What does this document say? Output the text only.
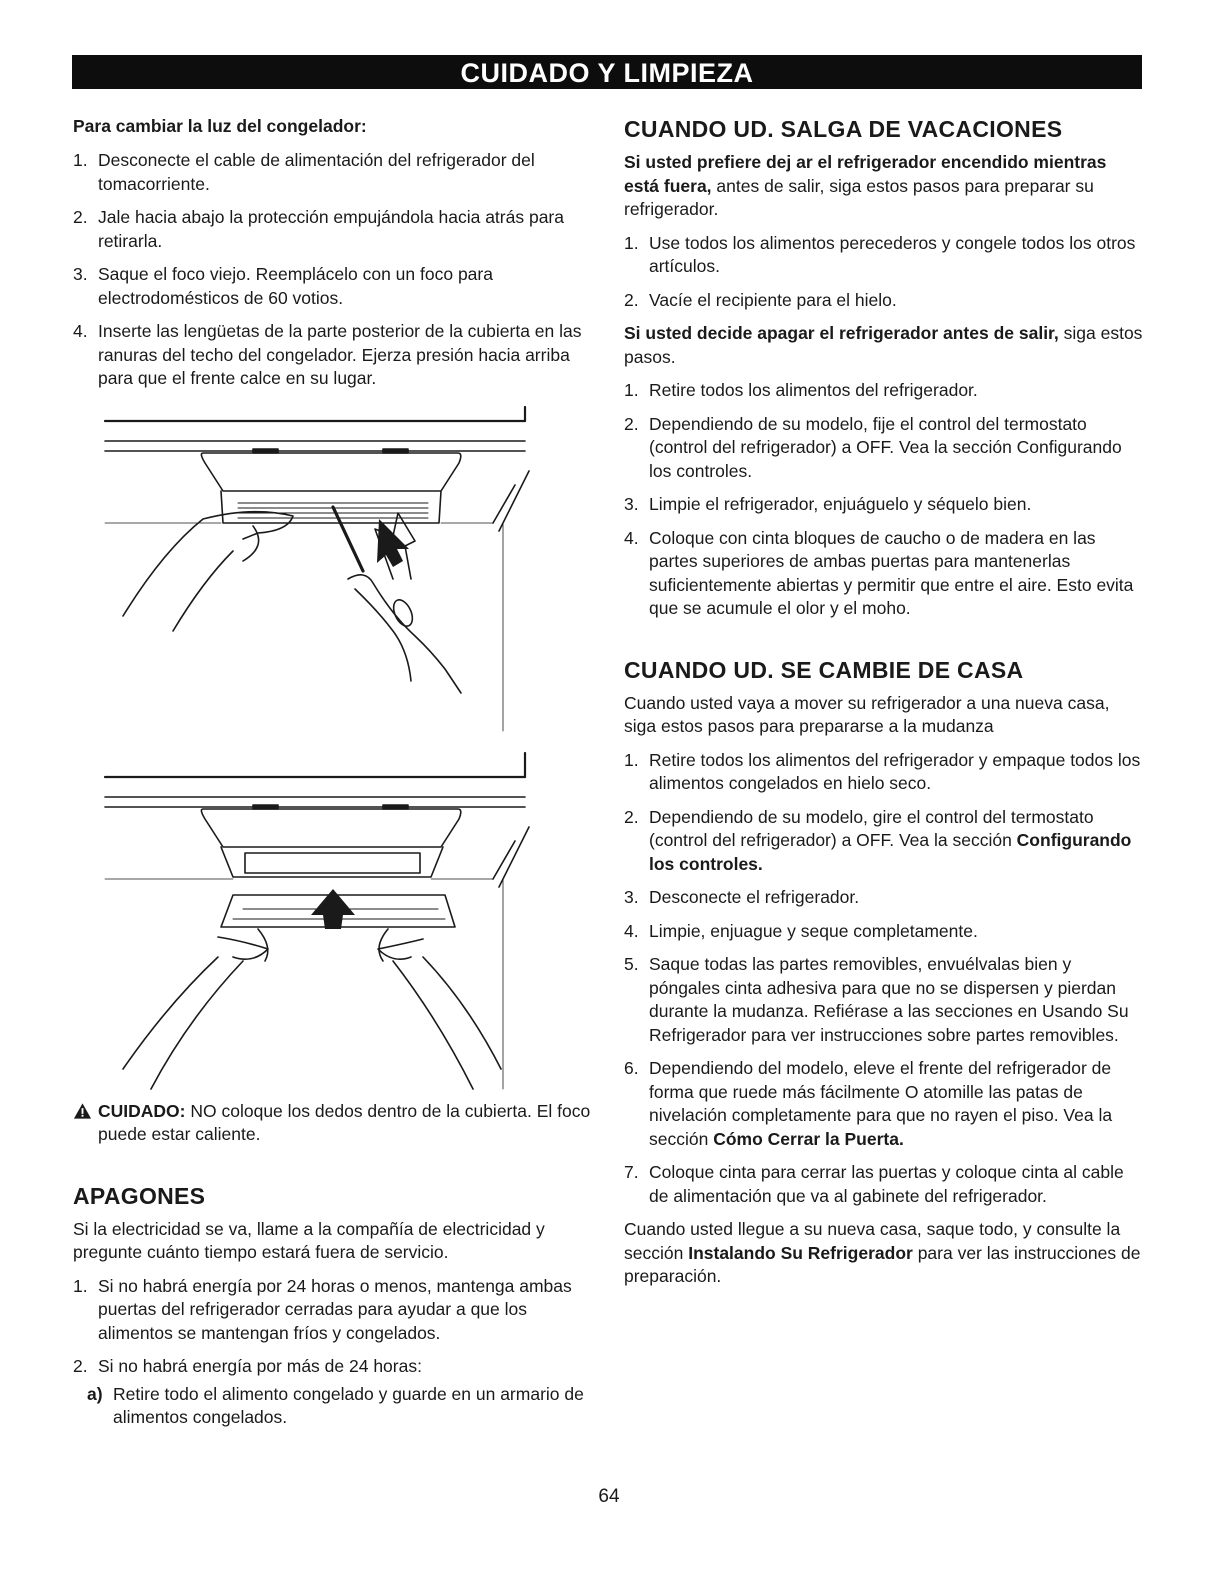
CUIDADO Y LIMPIEZA
Para cambiar la luz del congelador:
1. Desconecte el cable de alimentación del refrigerador del tomacorriente.
2. Jale hacia abajo la protección empujándola hacia atrás para retirarla.
3. Saque el foco viejo. Reemplácelo con un foco para electrodomésticos de 60 votios.
4. Inserte las lengüetas de la parte posterior de la cubierta en las ranuras del techo del congelador. Ejerza presión hacia arriba para que el frente calce en su lugar.
CUIDADO: NO coloque los dedos dentro de la cubierta. El foco puede estar caliente.
APAGONES

Si la electricidad se va, llame a la compañía de electricidad y pregunte cuánto tiempo estará fuera de servicio.

1. Si no habrá energía por 24 horas o menos, mantenga ambas puertas del refrigerador cerradas para ayudar a que los alimentos se mantengan fríos y congelados.
2. Si no habrá energía por más de 24 horas:
a) Retire todo el alimento congelado y guarde en un armario de alimentos congelados.
CUANDO UD. SALGA DE VACACIONES

Si usted prefiere dej ar el refrigerador encendido mientras está fuera, antes de salir, siga estos pasos para preparar su refrigerador.

1. Use todos los alimentos perecederos y congele todos los otros artículos.
2. Vacíe el recipiente para el hielo.

Si usted decide apagar el refrigerador antes de salir, siga estos pasos.

1. Retire todos los alimentos del refrigerador.
2. Dependiendo de su modelo, fije el control del termostato (control del refrigerador) a OFF. Vea la sección Configurando los controles.
3. Limpie el refrigerador, enjuáguelo y séquelo bien.
4. Coloque con cinta bloques de caucho o de madera en las partes superiores de ambas puertas para mantenerlas suficientemente abiertas y permitir que entre el aire. Esto evita que se acumule el olor y el moho.
CUANDO UD. SE CAMBIE DE CASA

Cuando usted vaya a mover su refrigerador a una nueva casa, siga estos pasos para prepararse a la mudanza

1. Retire todos los alimentos del refrigerador y empaque todos los alimentos congelados en hielo seco.
2. Dependiendo de su modelo, gire el control del termostato (control del refrigerador) a OFF. Vea la sección Configurando los controles.
3. Desconecte el refrigerador.
4. Limpie, enjuague y seque completamente.
5. Saque todas las partes removibles, envuélvalas bien y póngales cinta adhesiva para que no se dispersen y pierdan durante la mudanza. Refiérase a las secciones en Usando Su Refrigerador para ver instrucciones sobre partes removibles.
6. Dependiendo del modelo, eleve el frente del refrigerador de forma que ruede más fácilmente O atomille las patas de nivelación completamente para que no rayen el piso. Vea la sección Cómo Cerrar la Puerta.
7. Coloque cinta para cerrar las puertas y coloque cinta al cable de alimentación que va al gabinete del refrigerador.

Cuando usted llegue a su nueva casa, saque todo, y consulte la sección Instalando Su Refrigerador para ver las instrucciones de preparación.

64
